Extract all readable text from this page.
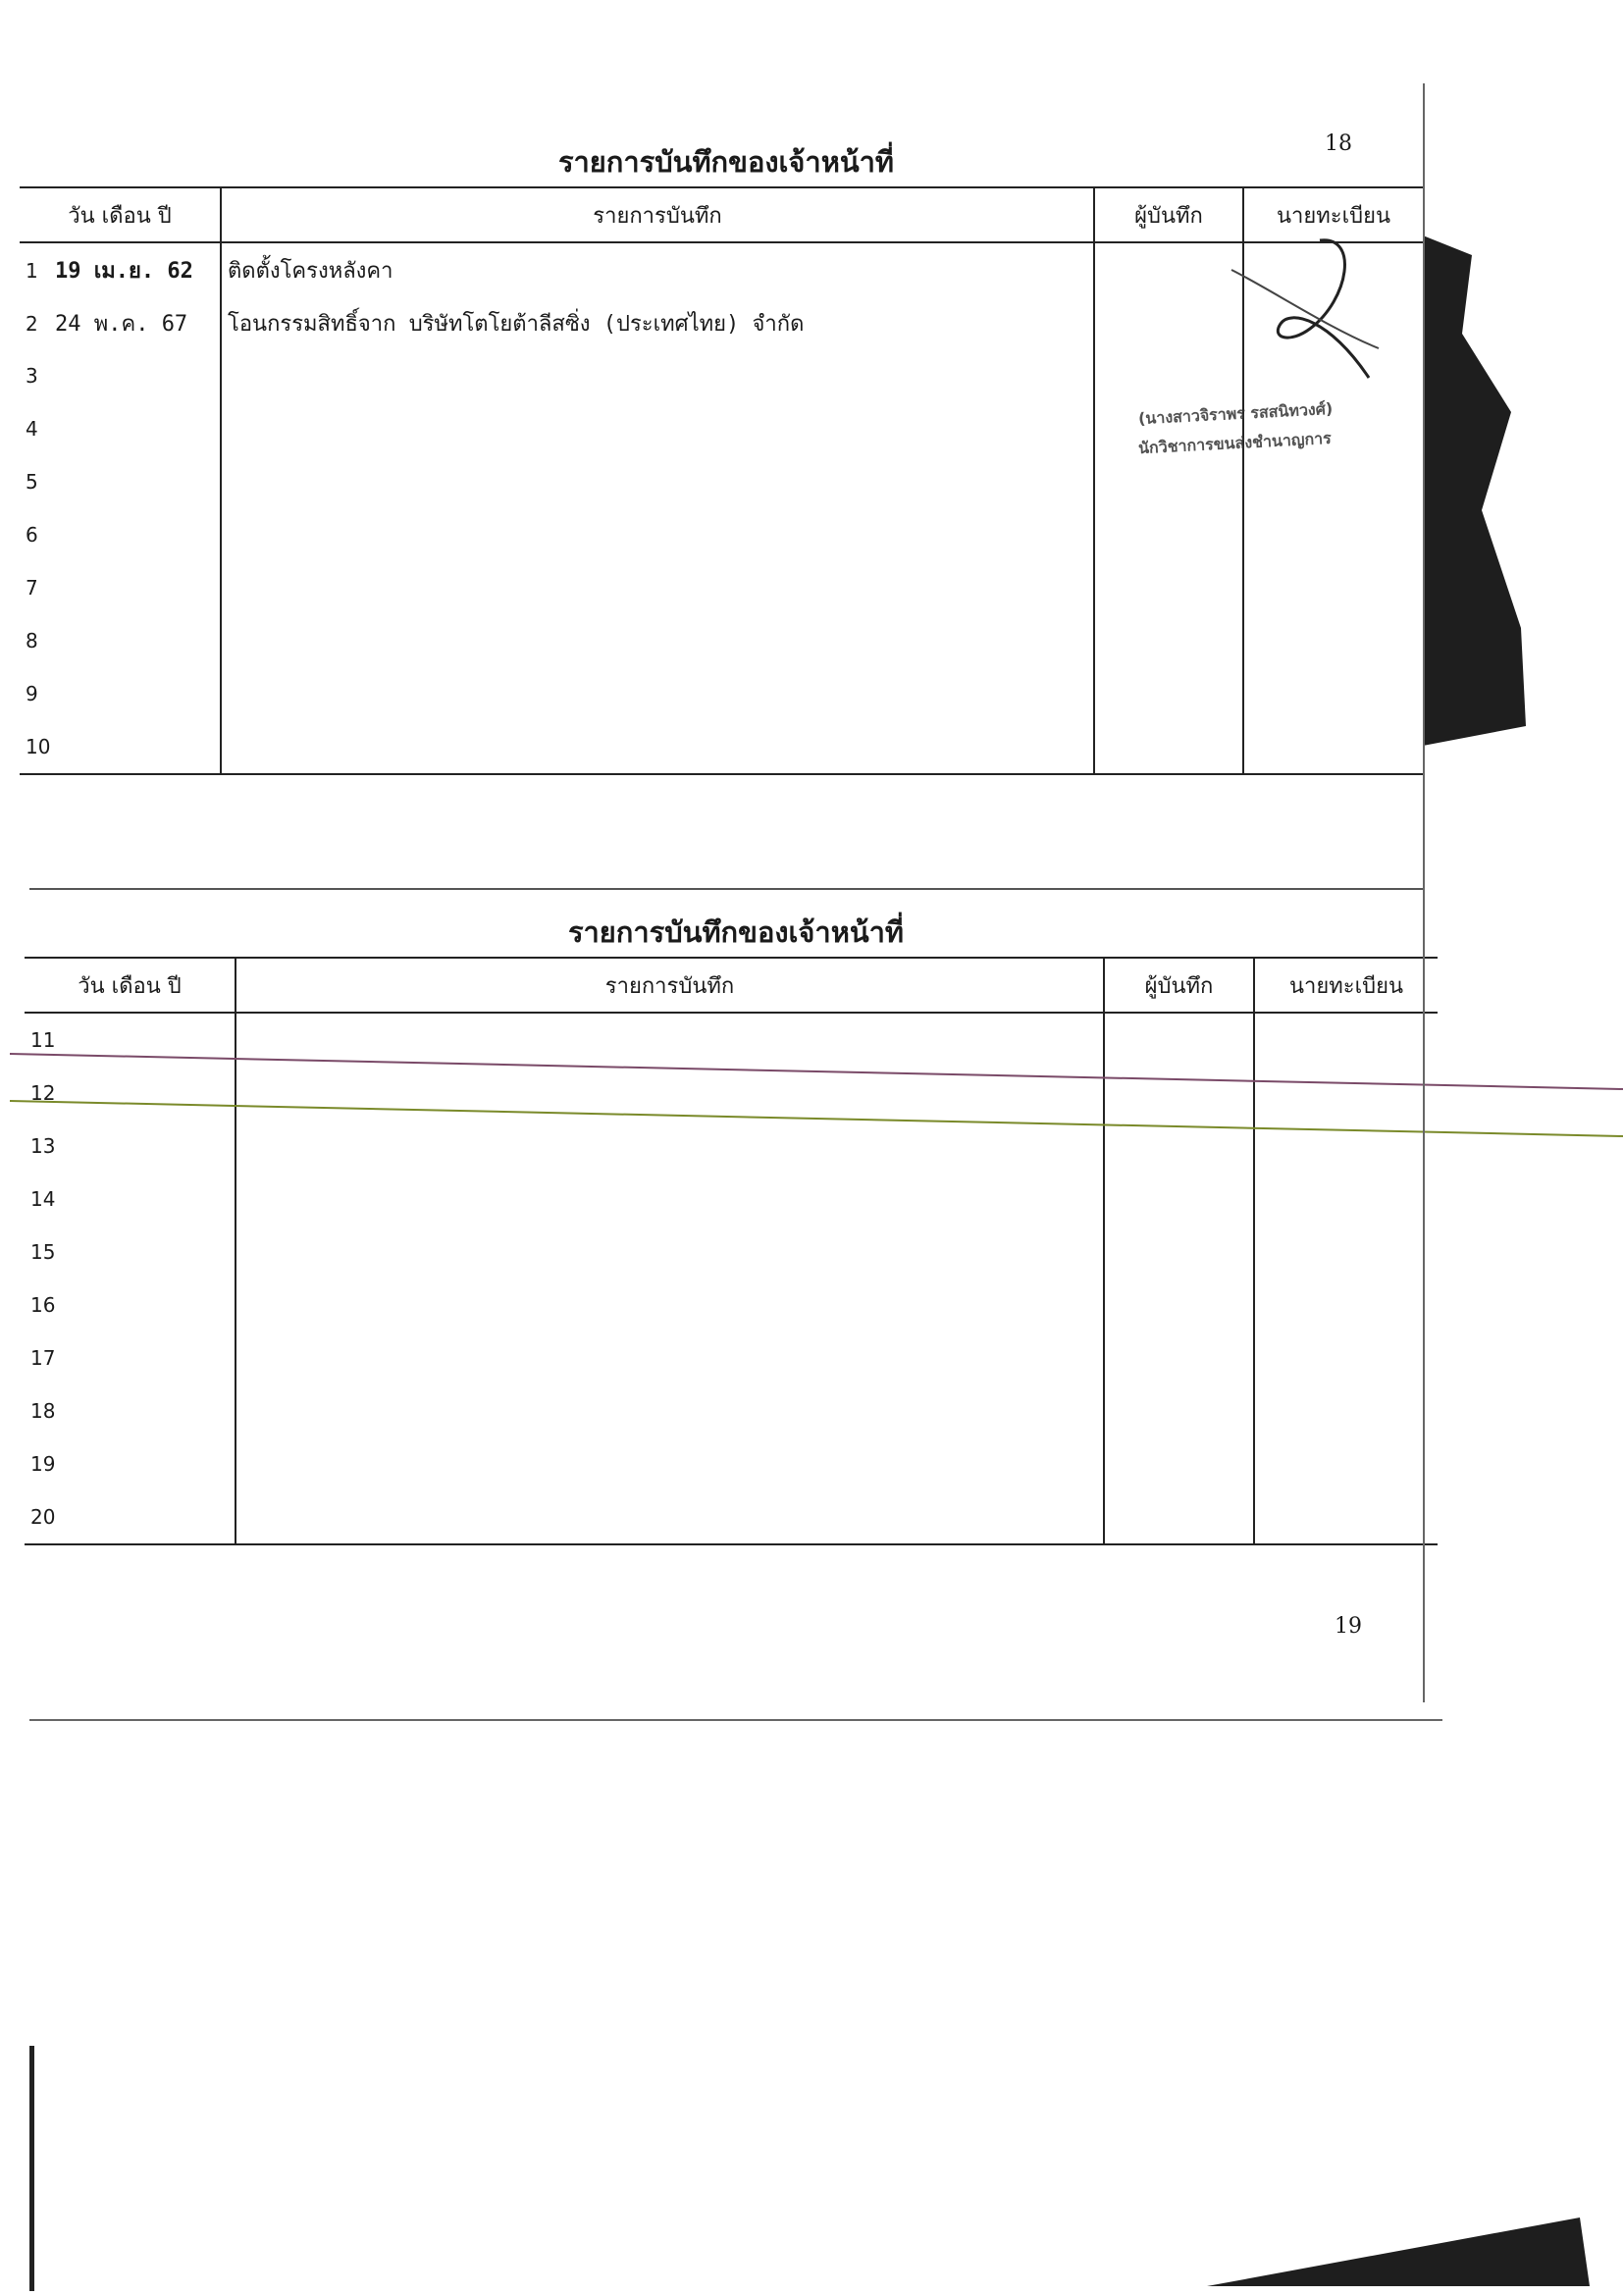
รายการบันทึกของเจ้าหน้าที่
18
วัน เดือน ปี	รายการบันทึก	ผู้บันทึก	นายทะเบียน
1 19 เม.ย. 62	ติดตั้งโครงหลังคา		
2 24 พ.ค. 67	โอนกรรมสิทธิ์จาก บริษัทโตโยต้าลีสซิ่ง (ประเทศไทย) จำกัด		
3			
4			
5			
6			
7			
8			
9			
10			
(นางสาวจิราพร รสสนิทวงศ์)
นักวิชาการขนส่งชำนาญการ
รายการบันทึกของเจ้าหน้าที่
วัน เดือน ปี	รายการบันทึก	ผู้บันทึก	นายทะเบียน
11			
12			
13			
14			
15			
16			
17			
18			
19			
20			
19
